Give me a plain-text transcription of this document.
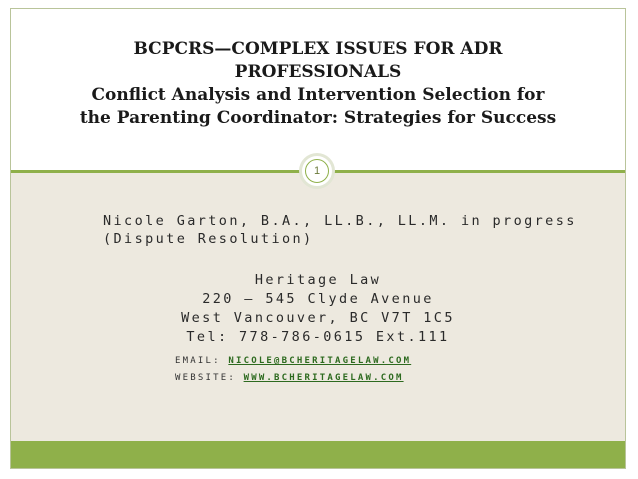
BCPCRS—COMPLEX ISSUES FOR ADR
PROFESSIONALS
Conflict Analysis and Intervention Selection for
the Parenting Coordinator: Strategies for Success
1
Nicole Garton, B.A., LL.B., LL.M. in progress
(Dispute Resolution)
Heritage Law
220 – 545 Clyde Avenue
West Vancouver, BC V7T 1C5
Tel: 778-786-0615 Ext.111
EMAIL: NICOLE@BCHERITAGELAW.COM
WEBSITE: WWW.BCHERITAGELAW.COM
